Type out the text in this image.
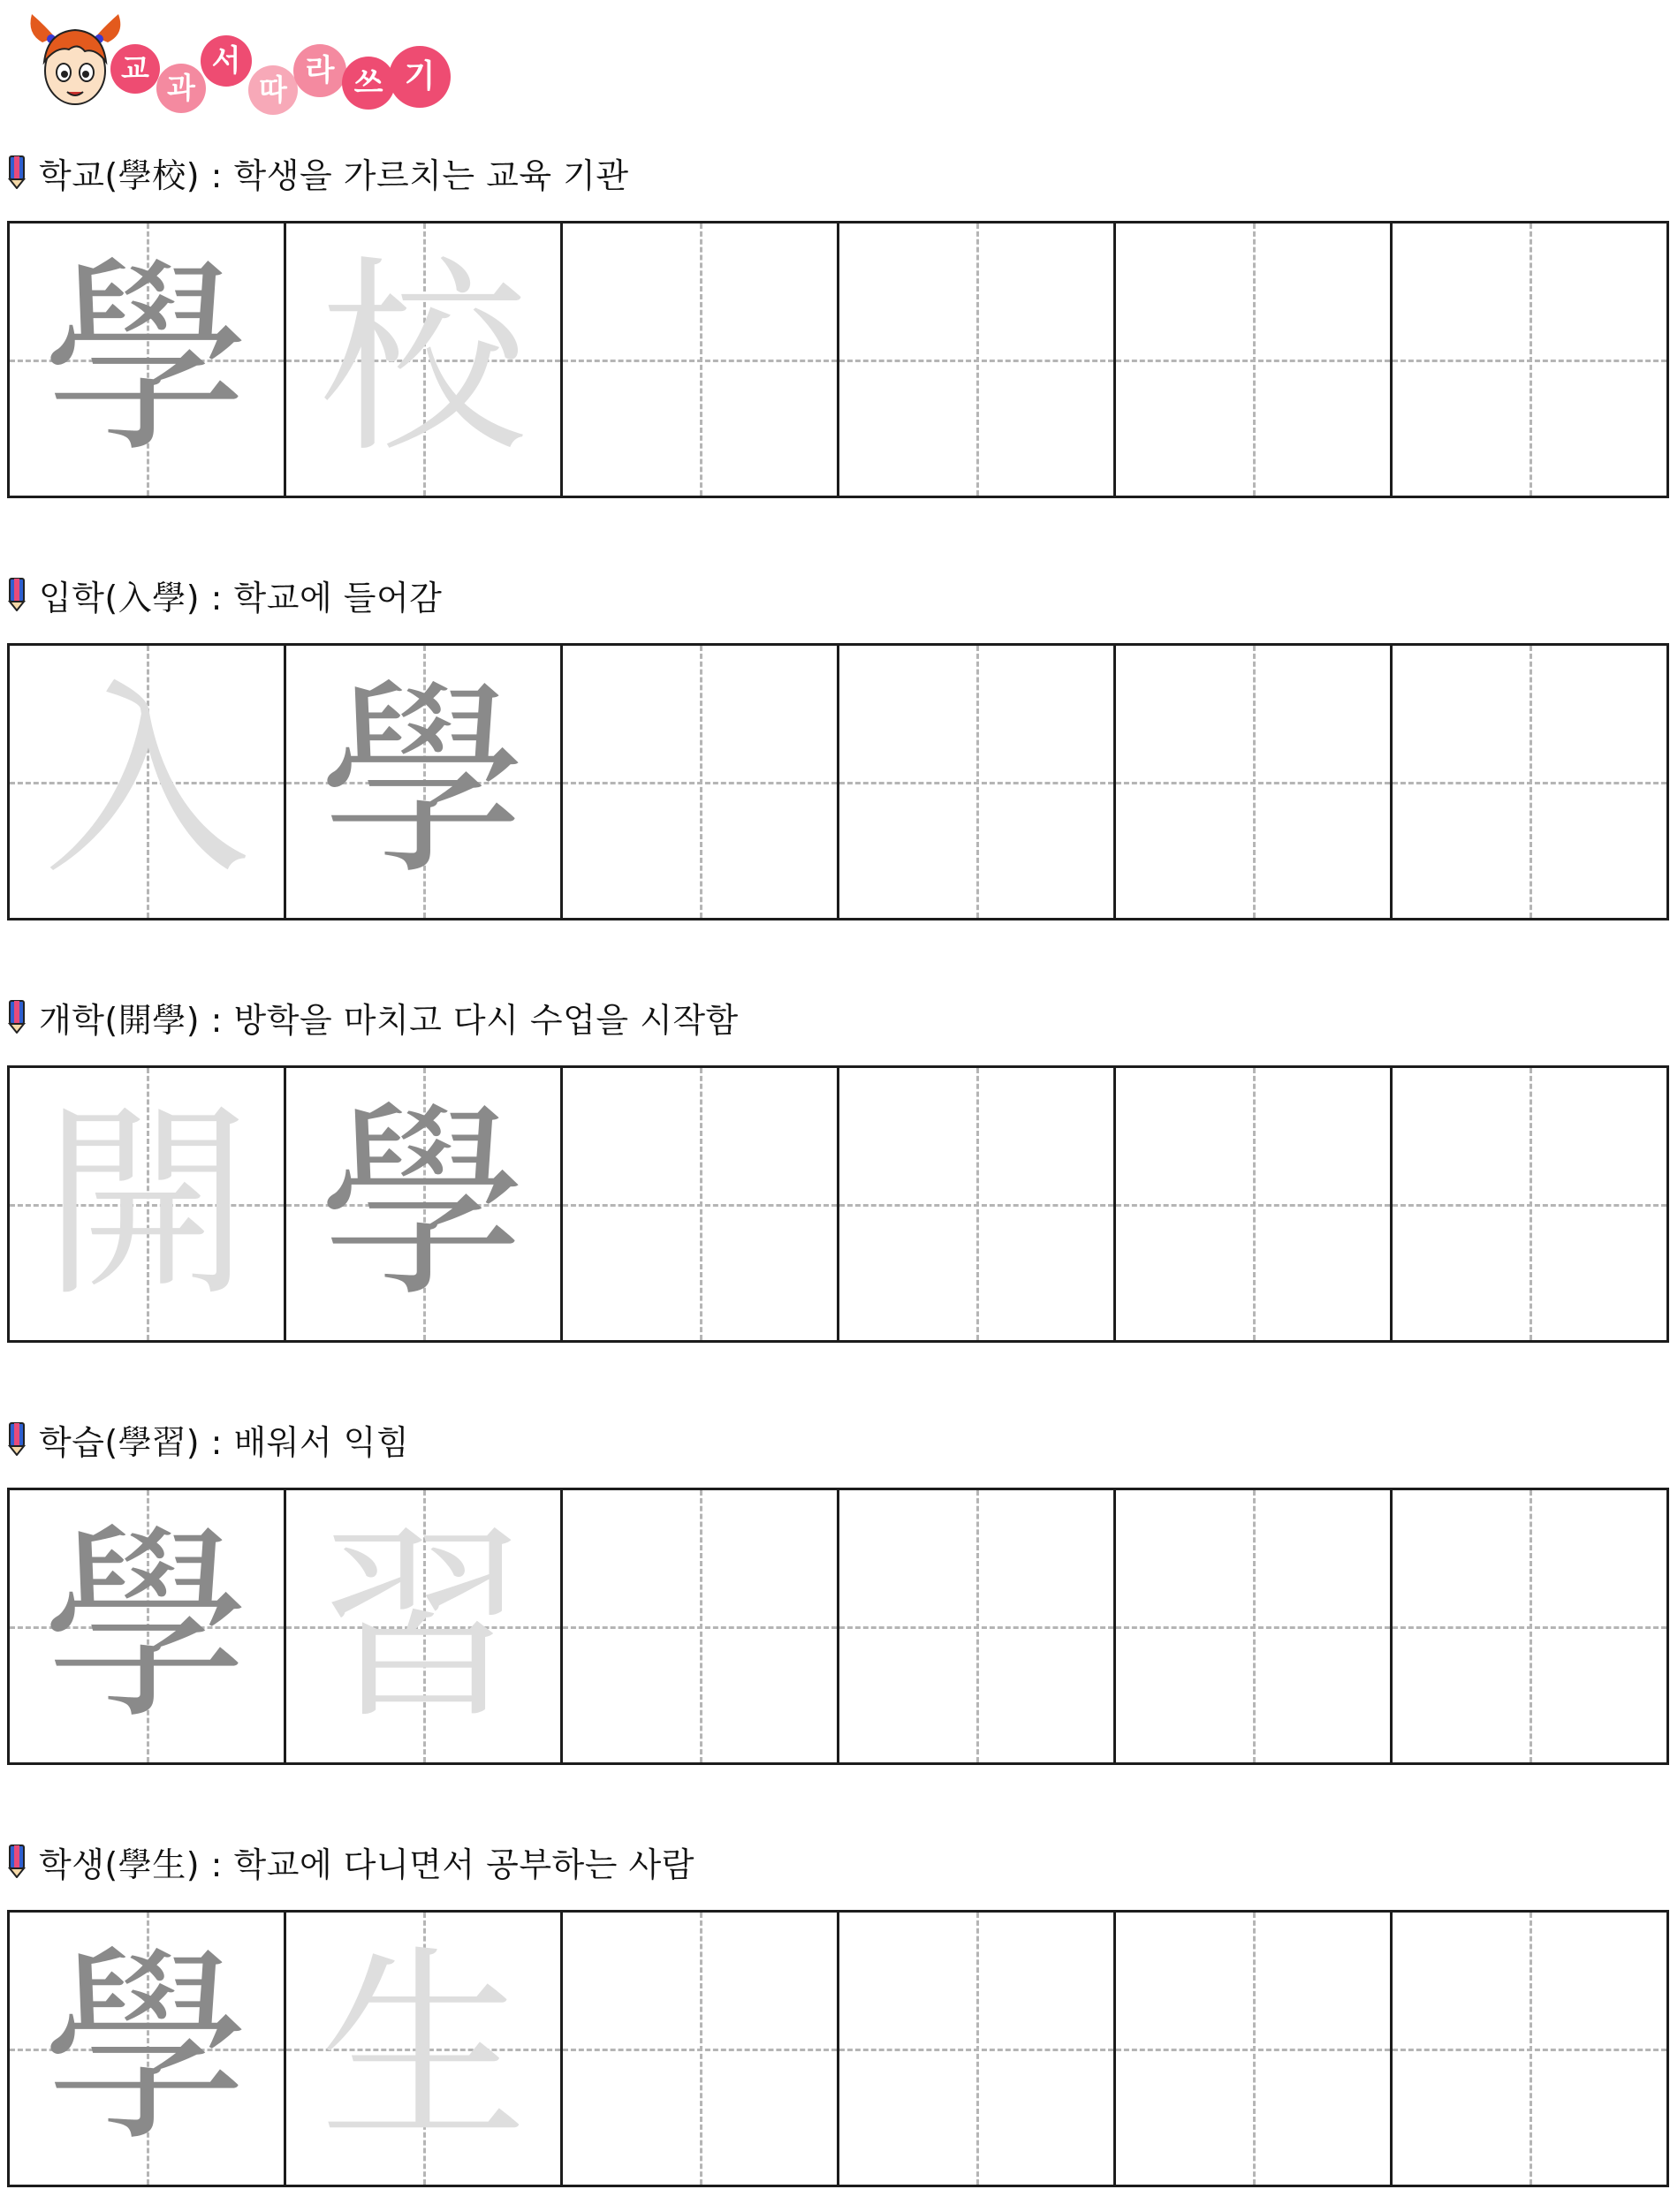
교
과
서
따
라 쓰 기
학교(學校) : 학생을 가르치는 교육 기관
學 校
입학(入學) : 학교에 들어감
入 學
개학(開學) : 방학을 마치고 다시 수업을 시작함
開 學
학습(學習) : 배워서 익힘
學 習
학생(學生) : 학교에 다니면서 공부하는 사람
學 生
